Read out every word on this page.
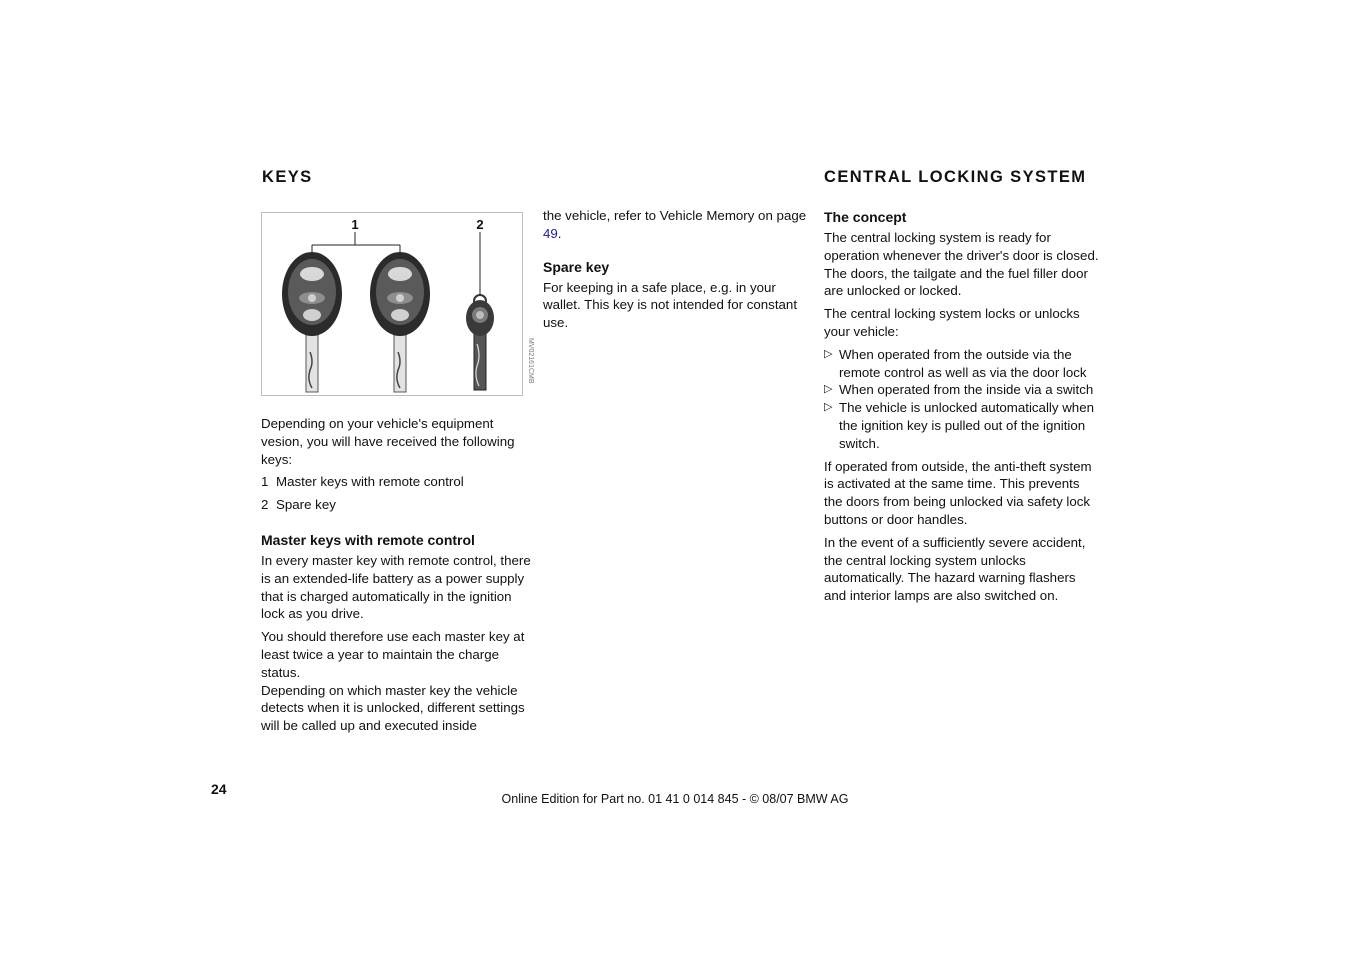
KEYS
1	2
MV02161CMB

Depending on your vehicle's equipment vesion, you will have received the following keys:

1 Master keys with remote control
2 Spare key
Master keys with remote control

In every master key with remote control, there is an extended-life battery as a power supply that is charged automatically in the ignition lock as you drive.

You should therefore use each master key at least twice a year to maintain the charge status.

Depending on which master key the vehicle detects when it is unlocked, different settings will be called up and executed inside

the vehicle, refer to Vehicle Memory on page 49.

Spare key

For keeping in a safe place, e.g. in your wallet. This key is not intended for constant use.

CENTRAL LOCKING SYSTEM
The concept

The central locking system is ready for operation whenever the driver's door is closed. The doors, the tailgate and the fuel filler door are unlocked or locked.

The central locking system locks or unlocks your vehicle:

▷ When operated from the outside via the remote control as well as via the door lock
▷ When operated from the inside via a switch
▷ The vehicle is unlocked automatically when the ignition key is pulled out of the ignition switch.

If operated from outside, the anti-theft system is activated at the same time. This prevents the doors from being unlocked via safety lock buttons or door handles.

In the event of a sufficiently severe accident, the central locking system unlocks automatically. The hazard warning flashers and interior lamps are also switched on.

24
Online Edition for Part no. 01 41 0 014 845 - © 08/07 BMW AG
